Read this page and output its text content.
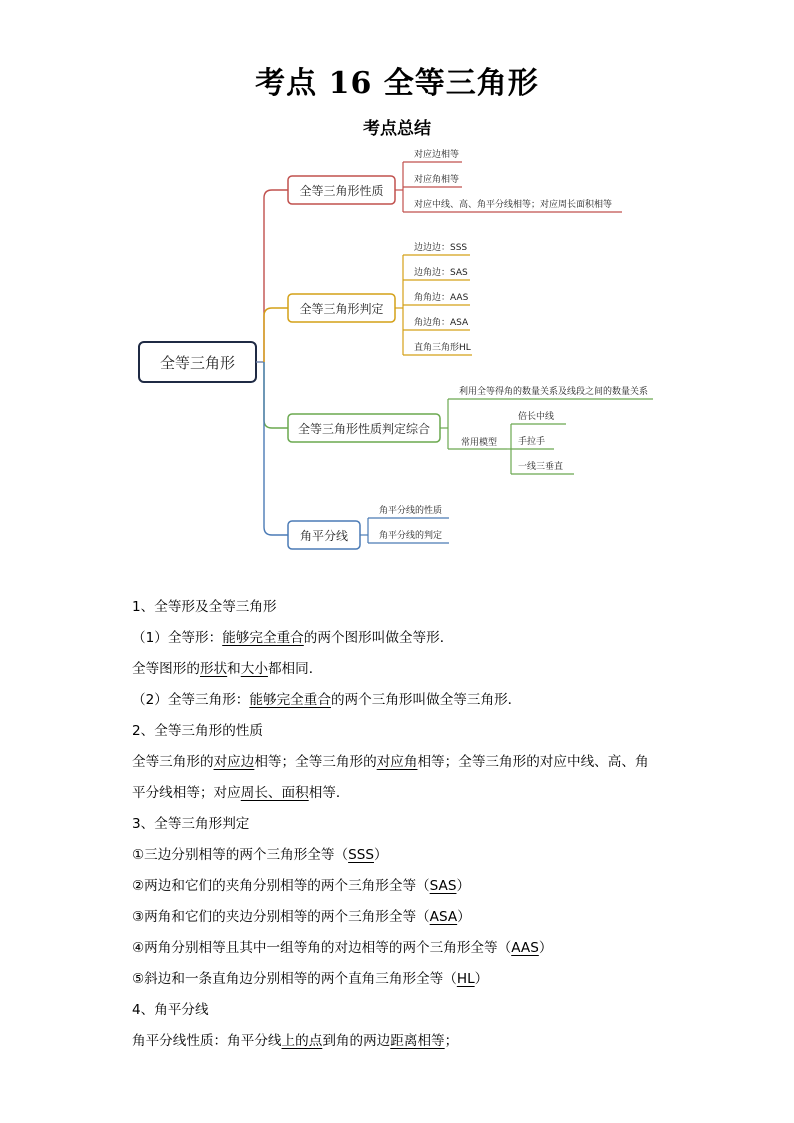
考点 16 全等三角形
考点总结
全等三角形
全等三角形性质
对应边相等
对应角相等
对应中线、高、角平分线相等；对应周长面积相等
全等三角形判定
边边边：SSS
边角边：SAS
角角边：AAS
角边角：ASA
直角三角形HL
全等三角形性质判定综合
利用全等得角的数量关系及线段之间的数量关系
常用模型
倍长中线
手拉手
一线三垂直
角平分线
角平分线的性质
角平分线的判定
1、全等形及全等三角形
（1）全等形：能够完全重合的两个图形叫做全等形．
全等图形的形状和大小都相同．
（2）全等三角形：能够完全重合的两个三角形叫做全等三角形．
2、全等三角形的性质
全等三角形的对应边相等；全等三角形的对应角相等；全等三角形的对应中线、高、角
平分线相等；对应周长、面积相等．
3、全等三角形判定
①三边分别相等的两个三角形全等（SSS）
②两边和它们的夹角分别相等的两个三角形全等（SAS）
③两角和它们的夹边分别相等的两个三角形全等（ASA）
④两角分别相等且其中一组等角的对边相等的两个三角形全等（AAS）
⑤斜边和一条直角边分别相等的两个直角三角形全等（HL）
4、角平分线
角平分线性质：角平分线上的点到角的两边距离相等；
